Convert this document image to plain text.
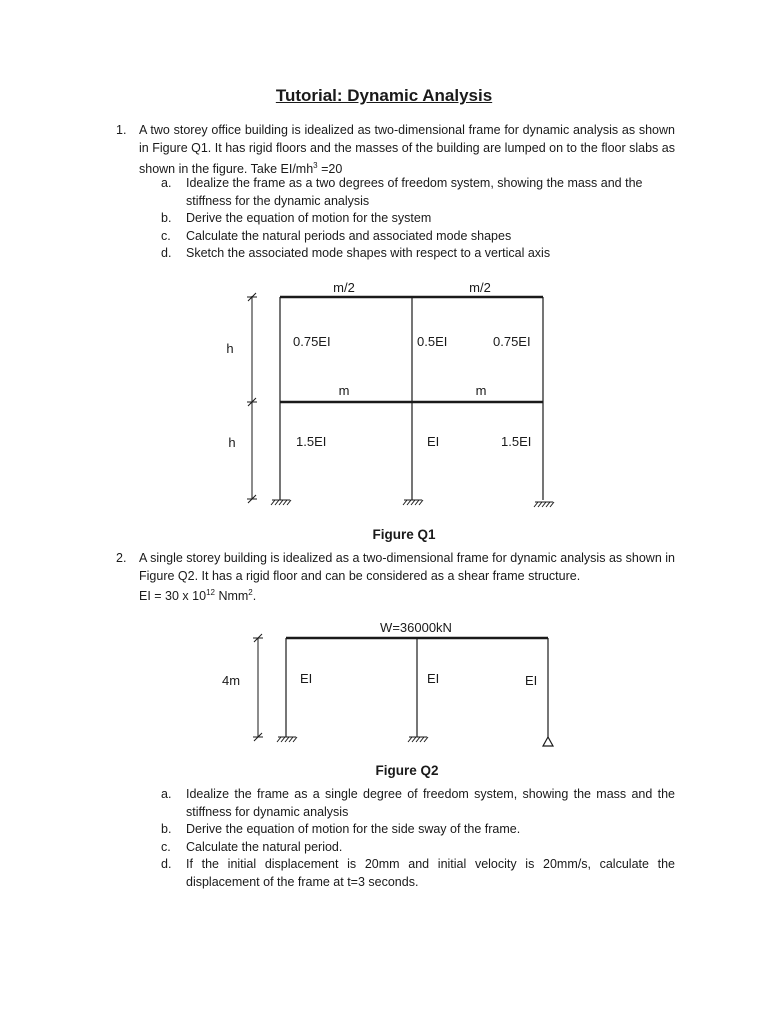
Tutorial: Dynamic Analysis
1. A two storey office building is idealized as two-dimensional frame for dynamic analysis as shown in Figure Q1. It has rigid floors and the masses of the building are lumped on to the floor slabs as shown in the figure. Take $EI/mh^3 =20$
a.	Idealize the frame as a two degrees of freedom system, showing the mass and the stiffness for the dynamic analysis
b.	Derive the equation of motion for the system
c.	Calculate the natural periods and associated mode shapes
d.	Sketch the associated mode shapes with respect to a vertical axis
m/2	m/2
h	0.75EI	0.5EI	0.75EI
m	m
h	1.5EI	EI	1.5EI
W=36000kN
4m	EI	EI	EI
Figure Q1
2. A single storey building is idealized as a two-dimensional frame for dynamic analysis as shown in Figure Q2. It has a rigid floor and can be considered as a shear frame structure.
EI = 30 x $10^{12}$ Nmm$^2$.
Figure Q2
a.	Idealize the frame as a single degree of freedom system, showing the mass and the stiffness for dynamic analysis
b.	Derive the equation of motion for the side sway of the frame.
c.	Calculate the natural period.
d.	If the initial displacement is 20mm and initial velocity is 20mm/s, calculate the displacement of the frame at t=3 seconds.
